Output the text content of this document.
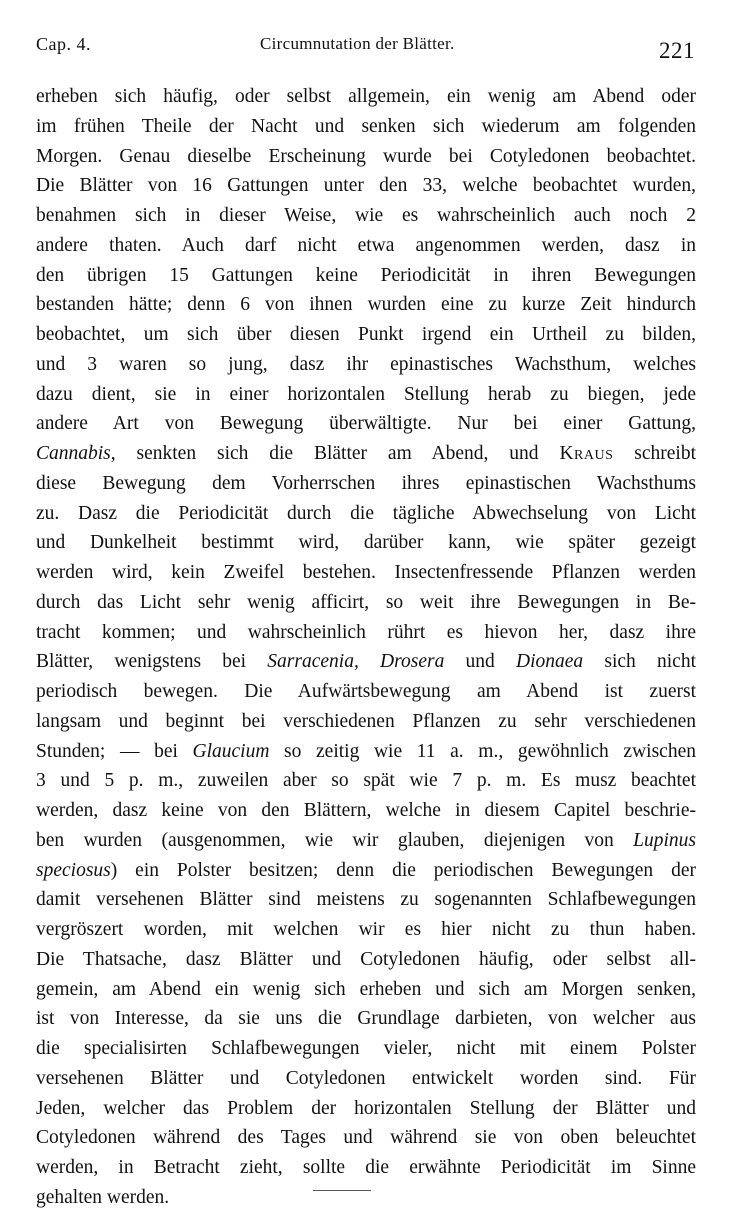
Cap. 4.	Circumnutation der Blätter.	221
erheben sich häufig, oder selbst allgemein, ein wenig am Abend oder
im frühen Theile der Nacht und senken sich wiederum am folgenden
Morgen. Genau dieselbe Erscheinung wurde bei Cotyledonen beobachtet.
Die Blätter von 16 Gattungen unter den 33, welche beobachtet wurden,
benahmen sich in dieser Weise, wie es wahrscheinlich auch noch 2
andere thaten. Auch darf nicht etwa angenommen werden, dasz in
den übrigen 15 Gattungen keine Periodicität in ihren Bewegungen
bestanden hätte; denn 6 von ihnen wurden eine zu kurze Zeit hindurch
beobachtet, um sich über diesen Punkt irgend ein Urtheil zu bilden,
und 3 waren so jung, dasz ihr epinastisches Wachsthum, welches
dazu dient, sie in einer horizontalen Stellung herab zu biegen, jede
andere Art von Bewegung überwältigte. Nur bei einer Gattung,
Cannabis, senkten sich die Blätter am Abend, und Kraus schreibt
diese Bewegung dem Vorherrschen ihres epinastischen Wachsthums
zu. Dasz die Periodicität durch die tägliche Abwechselung von Licht
und Dunkelheit bestimmt wird, darüber kann, wie später gezeigt
werden wird, kein Zweifel bestehen. Insectenfressende Pflanzen werden
durch das Licht sehr wenig afficirt, so weit ihre Bewegungen in Be-
tracht kommen; und wahrscheinlich rührt es hievon her, dasz ihre
Blätter, wenigstens bei Sarracenia, Drosera und Dionaea sich nicht
periodisch bewegen. Die Aufwärtsbewegung am Abend ist zuerst
langsam und beginnt bei verschiedenen Pflanzen zu sehr verschiedenen
Stunden; — bei Glaucium so zeitig wie 11 a. m., gewöhnlich zwischen
3 und 5 p. m., zuweilen aber so spät wie 7 p. m. Es musz beachtet
werden, dasz keine von den Blättern, welche in diesem Capitel beschrie-
ben wurden (ausgenommen, wie wir glauben, diejenigen von Lupinus
speciosus) ein Polster besitzen; denn die periodischen Bewegungen der
damit versehenen Blätter sind meistens zu sogenannten Schlafbewegungen
vergröszert worden, mit welchen wir es hier nicht zu thun haben.
Die Thatsache, dasz Blätter und Cotyledonen häufig, oder selbst all-
gemein, am Abend ein wenig sich erheben und sich am Morgen senken,
ist von Interesse, da sie uns die Grundlage darbieten, von welcher aus
die specialisirten Schlafbewegungen vieler, nicht mit einem Polster
versehenen Blätter und Cotyledonen entwickelt worden sind. Für
Jeden, welcher das Problem der horizontalen Stellung der Blätter und
Cotyledonen während des Tages und während sie von oben beleuchtet
werden, in Betracht zieht, sollte die erwähnte Periodicität im Sinne
gehalten werden.
